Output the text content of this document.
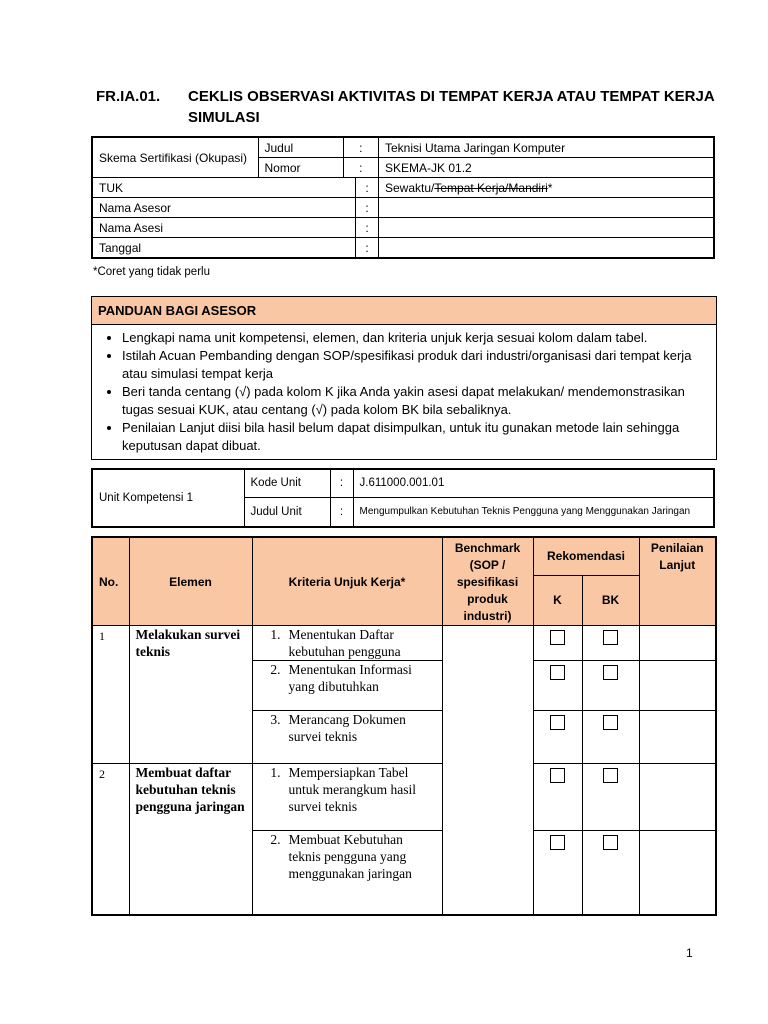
FR.IA.01.	CEKLIS OBSERVASI AKTIVITAS DI TEMPAT KERJA ATAU TEMPAT KERJA SIMULASI
Skema Sertifikasi (Okupasi)	Judul	:		Teknisi Utama Jaringan Komputer
	Nomor	:		SKEMA-JK 01.2
TUK			:	Sewaktu/Tempat Kerja/Mandiri*
Nama Asesor			:	
Nama Asesi			:	
Tanggal			:	
*Coret yang tidak perlu
PANDUAN BAGI ASESOR
• Lengkapi nama unit kompetensi, elemen, dan kriteria unjuk kerja sesuai kolom dalam tabel.
• Istilah Acuan Pembanding dengan SOP/spesifikasi produk dari industri/organisasi dari tempat kerja atau simulasi tempat kerja
• Beri tanda centang (√) pada kolom K jika Anda yakin asesi dapat melakukan/ mendemonstrasikan tugas sesuai KUK, atau centang (√) pada kolom BK bila sebaliknya.
• Penilaian Lanjut diisi bila hasil belum dapat disimpulkan, untuk itu gunakan metode lain sehingga keputusan dapat dibuat.
Unit Kompetensi 1	Kode Unit	:	J.611000.001.01
	Judul Unit	:	Mengumpulkan Kebutuhan Teknis Pengguna yang Menggunakan Jaringan
No.	Elemen	Kriteria Unjuk Kerja*	Benchmark (SOP / spesifikasi produk industri)	Rekomendasi		Penilaian Lanjut
				K	BK	
1	Melakukan survei teknis	1. Menentukan Daftar kebutuhan pengguna				

		2. Menentukan Informasi yang dibutuhkan				

		3. Merancang Dokumen survei teknis				

2	Membuat daftar kebutuhan teknis pengguna jaringan	1. Mempersiapkan Tabel untuk merangkum hasil survei teknis				

		2. Membuat Kebutuhan teknis pengguna yang menggunakan jaringan				

1
